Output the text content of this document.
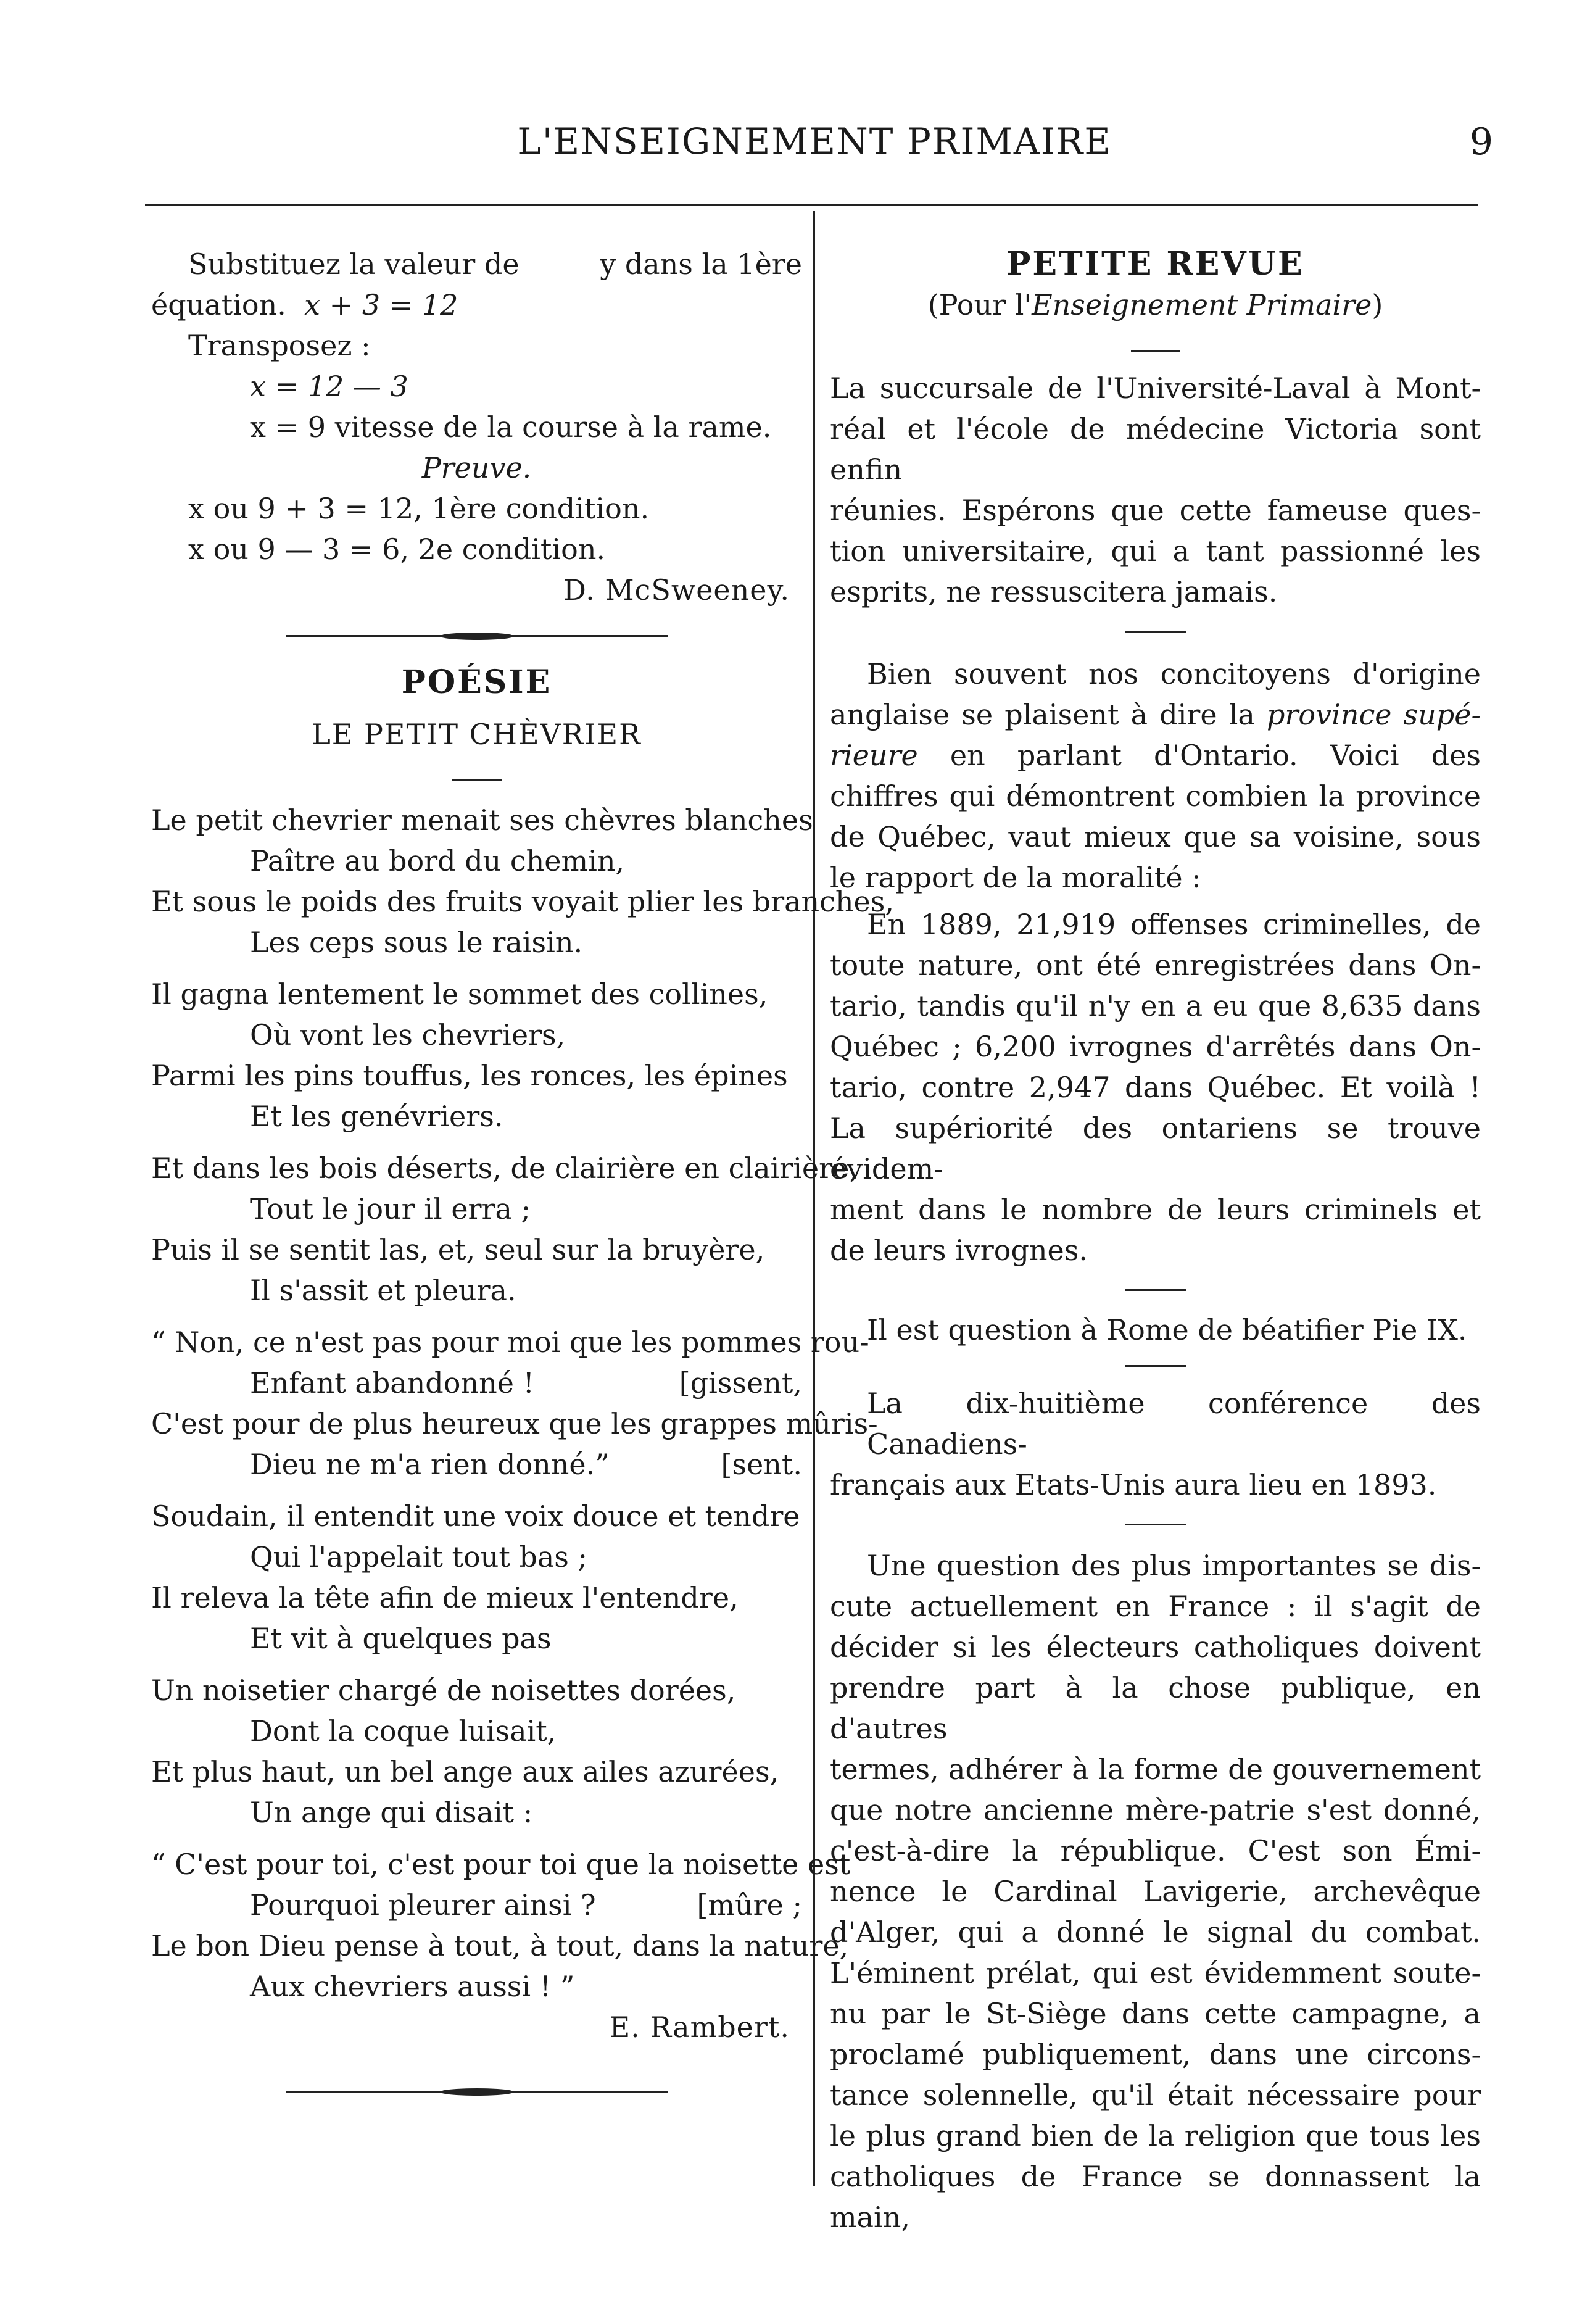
L'ENSEIGNEMENT PRIMAIRE	9
Substituez la valeur de	y dans la 1ère
équation. x + 3 = 12
Transposez :
x = 12 — 3
x = 9 vitesse de la course à la rame.
Preuve.
x ou 9 + 3 = 12, 1ère condition.
x ou 9 — 3 = 6, 2e condition.
D. McSweeney.
POÉSIE
LE PETIT CHÈVRIER
Le petit chevrier menait ses chèvres blanches
Paître au bord du chemin,
Et sous le poids des fruits voyait plier les branches,
Les ceps sous le raisin.
Il gagna lentement le sommet des collines,
Où vont les chevriers,
Parmi les pins touffus, les ronces, les épines
Et les genévriers.
Et dans les bois déserts, de clairière en clairière,
Tout le jour il erra ;
Puis il se sentit las, et, seul sur la bruyère,
Il s'assit et pleura.
“ Non, ce n'est pas pour moi que les pommes rou-
Enfant abandonné !	[gissent,
C'est pour de plus heureux que les grappes mûris-
Dieu ne m'a rien donné.”	[sent.
Soudain, il entendit une voix douce et tendre
Qui l'appelait tout bas ;
Il releva la tête afin de mieux l'entendre,
Et vit à quelques pas
Un noisetier chargé de noisettes dorées,
Dont la coque luisait,
Et plus haut, un bel ange aux ailes azurées,
Un ange qui disait :
“ C'est pour toi, c'est pour toi que la noisette est
Pourquoi pleurer ainsi ?	[mûre ;
Le bon Dieu pense à tout, à tout, dans la nature,
Aux chevriers aussi ! ”
E. Rambert.
PETITE REVUE
(Pour l'Enseignement Primaire)
La succursale de l'Université-Laval à Mont-
réal et l'école de médecine Victoria sont enfin
réunies. Espérons que cette fameuse ques-
tion universitaire, qui a tant passionné les
esprits, ne ressuscitera jamais.
Bien souvent nos concitoyens d'origine
anglaise se plaisent à dire la province supé-
rieure en parlant d'Ontario. Voici des
chiffres qui démontrent combien la province
de Québec, vaut mieux que sa voisine, sous
le rapport de la moralité :
En 1889, 21,919 offenses criminelles, de
toute nature, ont été enregistrées dans On-
tario, tandis qu'il n'y en a eu que 8,635 dans
Québec ; 6,200 ivrognes d'arrêtés dans On-
tario, contre 2,947 dans Québec. Et voilà !
La supériorité des ontariens se trouve évidem-
ment dans le nombre de leurs criminels et
de leurs ivrognes.
Il est question à Rome de béatifier Pie IX.
La dix-huitième conférence des Canadiens-
français aux Etats-Unis aura lieu en 1893.
Une question des plus importantes se dis-
cute actuellement en France : il s'agit de
décider si les électeurs catholiques doivent
prendre part à la chose publique, en d'autres
termes, adhérer à la forme de gouvernement
que notre ancienne mère-patrie s'est donné,
c'est-à-dire la république. C'est son Émi-
nence le Cardinal Lavigerie, archevêque
d'Alger, qui a donné le signal du combat.
L'éminent prélat, qui est évidemment soute-
nu par le St-Siège dans cette campagne, a
proclamé publiquement, dans une circons-
tance solennelle, qu'il était nécessaire pour
le plus grand bien de la religion que tous les
catholiques de France se donnassent la main,
